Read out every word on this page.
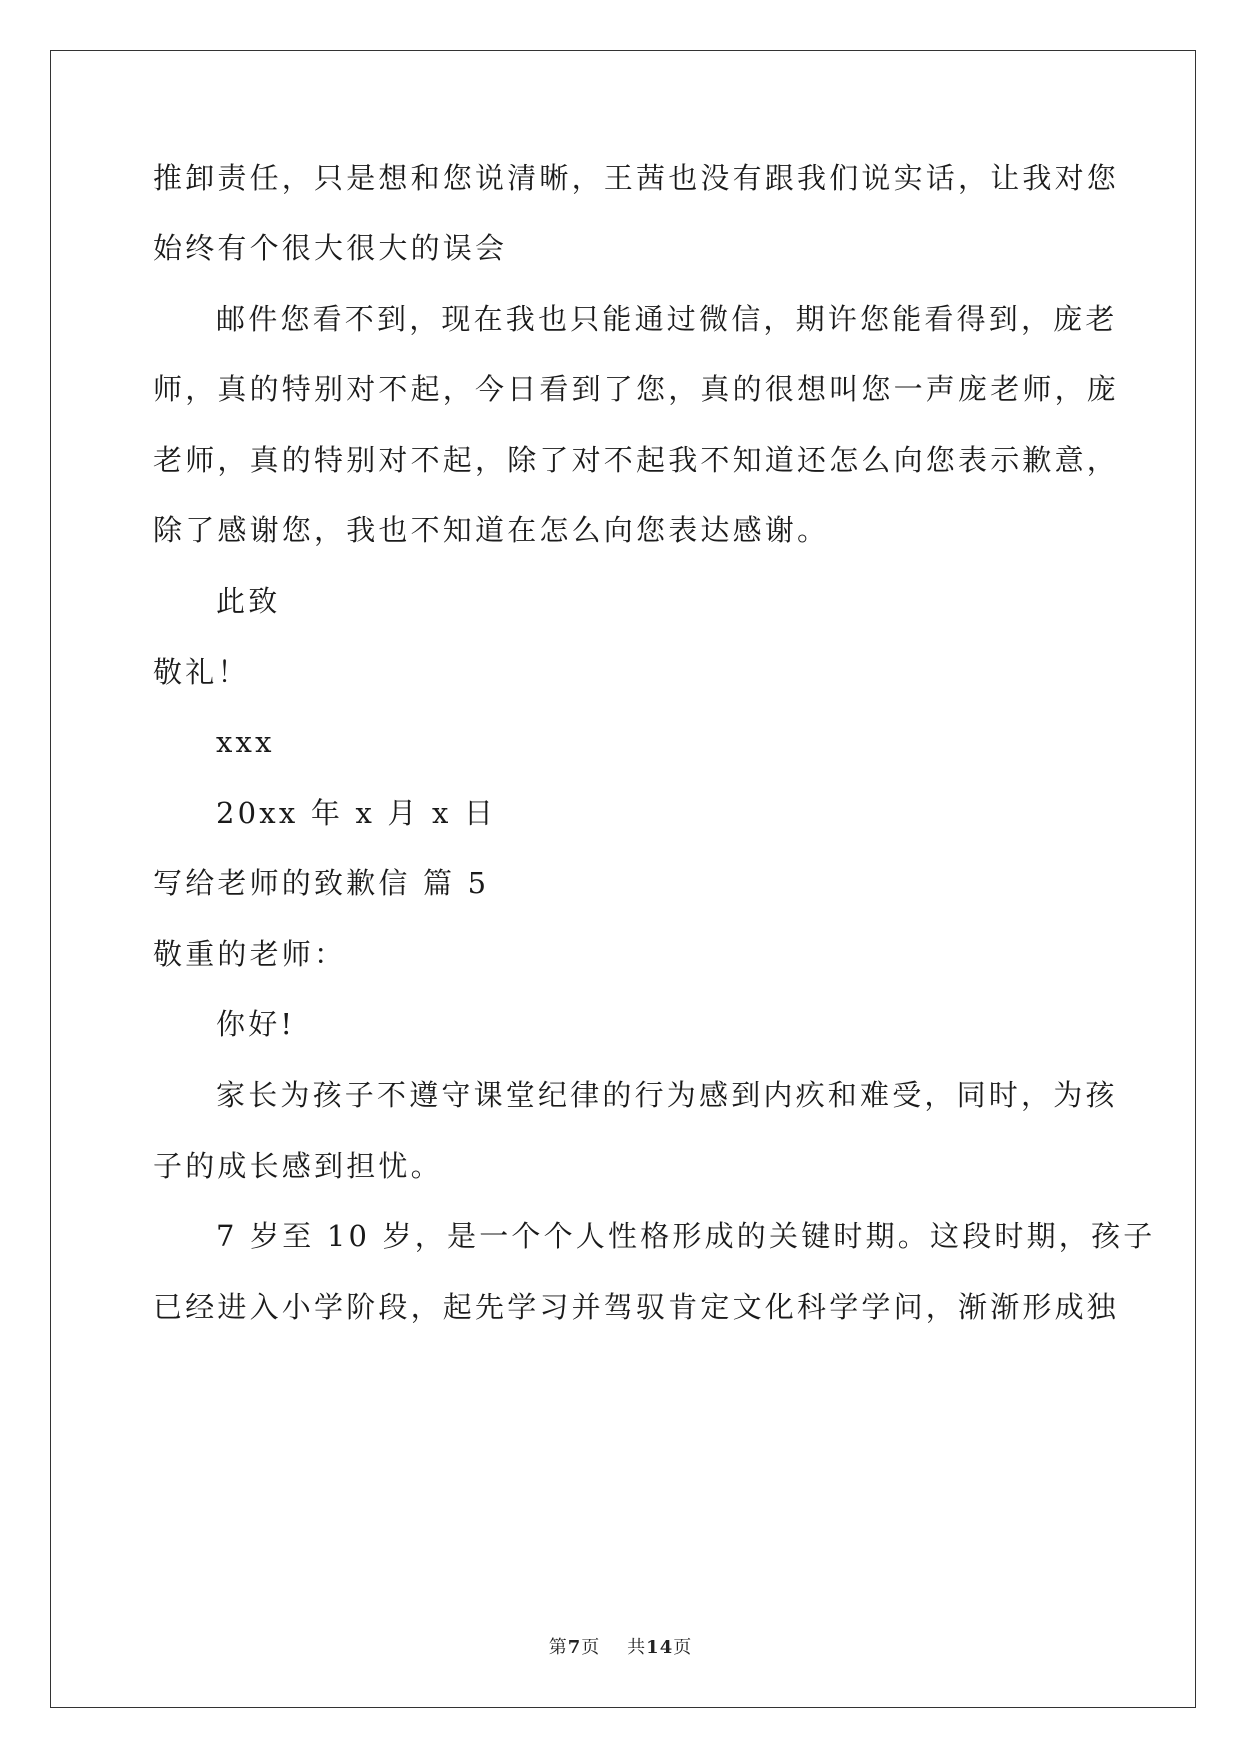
推卸责任，只是想和您说清晰，王茜也没有跟我们说实话，让我对您
始终有个很大很大的误会
邮件您看不到，现在我也只能通过微信，期许您能看得到，庞老
师，真的特别对不起，今日看到了您，真的很想叫您一声庞老师，庞
老师，真的特别对不起，除了对不起我不知道还怎么向您表示歉意，
除了感谢您，我也不知道在怎么向您表达感谢。
此致
敬礼！
xxx
20xx 年 x 月 x 日
写给老师的致歉信 篇 5
敬重的老师：
你好!
家长为孩子不遵守课堂纪律的行为感到内疚和难受，同时，为孩
子的成长感到担忧。
7 岁至 10 岁，是一个个人性格形成的关键时期。这段时期，孩子
已经进入小学阶段，起先学习并驾驭肯定文化科学学问，渐渐形成独
第7页 共14页
